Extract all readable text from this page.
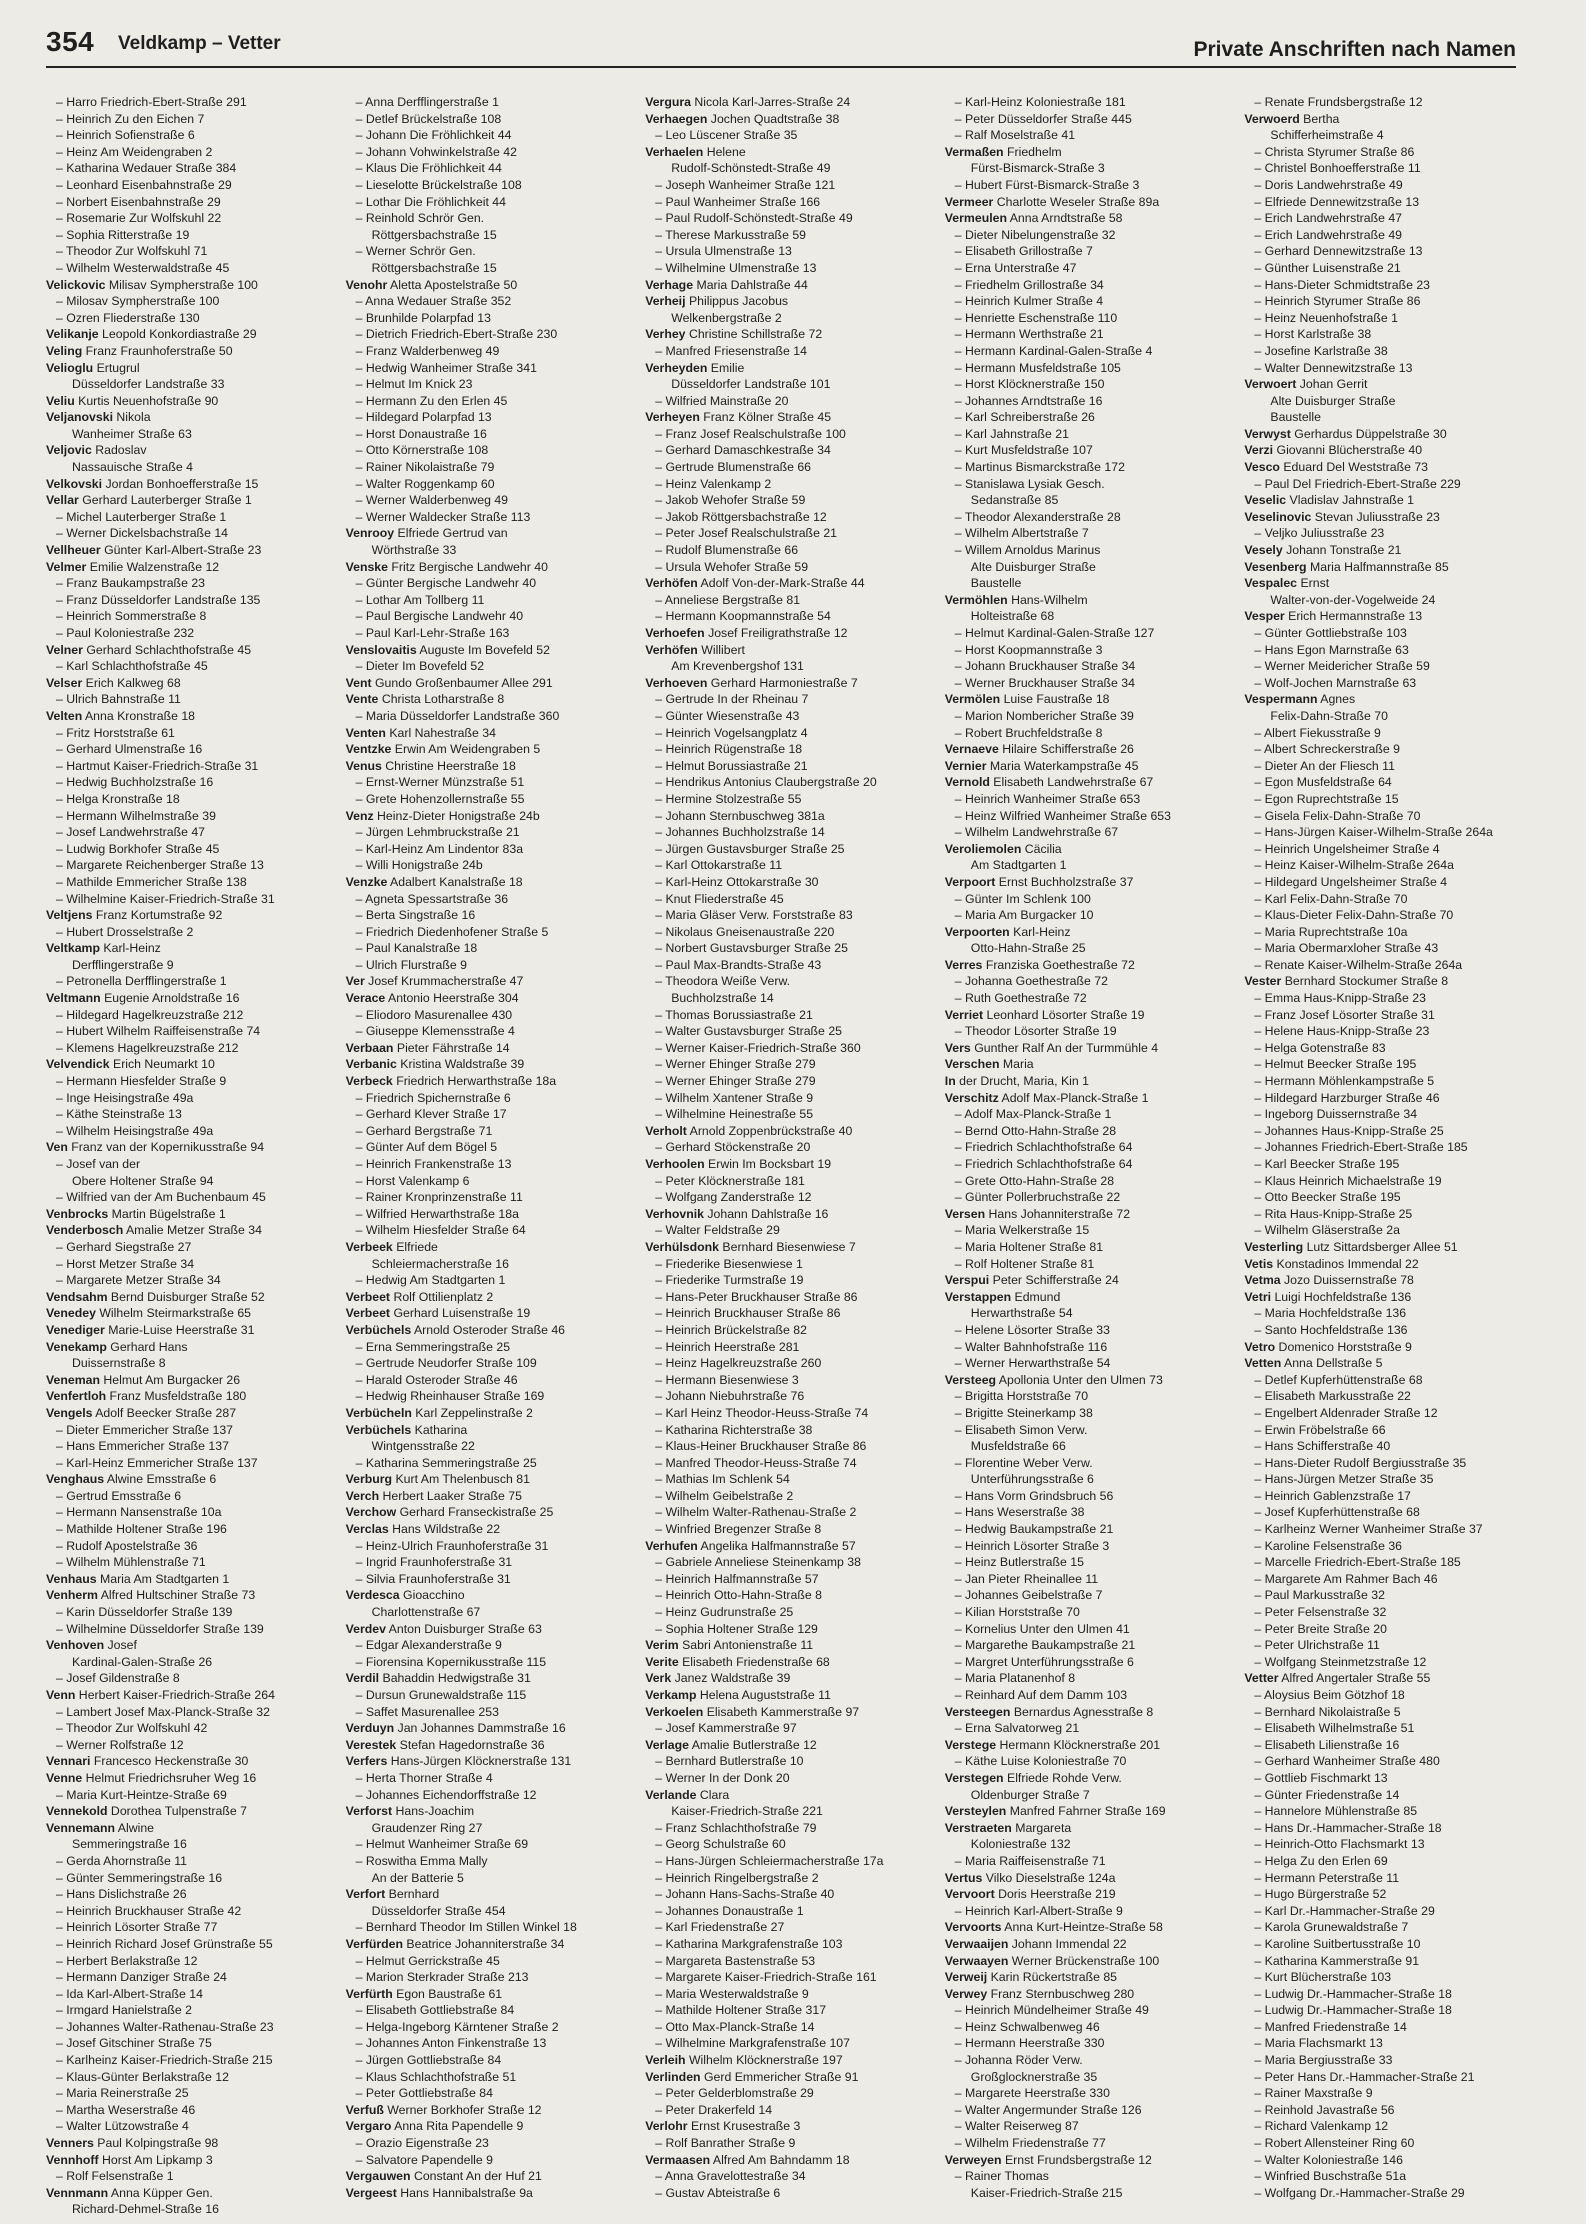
354 Veldkamp – Vetter	Private Anschriften nach Namen
– Harro Friedrich-Ebert-Straße 291
– Heinrich Zu den Eichen 7
– Heinrich Sofienstraße 6
– Heinz Am Weidengraben 2
– Katharina Wedauer Straße 384
– Leonhard Eisenbahnstraße 29
– Norbert Eisenbahnstraße 29
– Rosemarie Zur Wolfskuhl 22
– Sophia Ritterstraße 19
– Theodor Zur Wolfskuhl 71
– Wilhelm Westerwaldstraße 45
Velickovic Milisav Sympherstraße 100
– Milosav Sympherstraße 100
– Ozren Fliederstraße 130
Velikanje Leopold Konkordiastraße 29
Veling Franz Fraunhoferstraße 50
Velioglu Ertugrul
Düsseldorfer Landstraße 33
Veliu Kurtis Neuenhofstraße 90
Veljanovski Nikola
Wanheimer Straße 63
Veljovic Radoslav
Nassauische Straße 4
Velkovski Jordan Bonhoefferstraße 15
Vellar Gerhard Lauterberger Straße 1
– Michel Lauterberger Straße 1
– Werner Dickelsbachstraße 14
Vellheuer Günter Karl-Albert-Straße 23
Velmer Emilie Walzenstraße 12
– Franz Baukampstraße 23
– Franz Düsseldorfer Landstraße 135
– Heinrich Sommerstraße 8
– Paul Koloniestraße 232
Velner Gerhard Schlachthofstraße 45
– Karl Schlachthofstraße 45
Velser Erich Kalkweg 68
– Ulrich Bahnstraße 11
Velten Anna Kronstraße 18
– Fritz Horststraße 61
– Gerhard Ulmenstraße 16
– Hartmut Kaiser-Friedrich-Straße 31
– Hedwig Buchholzstraße 16
– Helga Kronstraße 18
– Hermann Wilhelmstraße 39
– Josef Landwehrstraße 47
– Ludwig Borkhofer Straße 45
– Margarete Reichenberger Straße 13
– Mathilde Emmericher Straße 138
– Wilhelmine Kaiser-Friedrich-Straße 31
Veltjens Franz Kortumstraße 92
– Hubert Drosselstraße 2
Veltkamp Karl-Heinz
Derfflingerstraße 9
– Petronella Derfflingerstraße 1
Veltmann Eugenie Arnoldstraße 16
– Hildegard Hagelkreuzstraße 212
– Hubert Wilhelm Raiffeisenstraße 74
– Klemens Hagelkreuzstraße 212
Velvendick Erich Neumarkt 10
– Hermann Hiesfelder Straße 9
– Inge Heisingstraße 49a
– Käthe Steinstraße 13
– Wilhelm Heisingstraße 49a
Ven Franz van der Kopernikusstraße 94
– Josef van der
Obere Holtener Straße 94
– Wilfried van der Am Buchenbaum 45
Venbrocks Martin Bügelstraße 1
Venderbosch Amalie Metzer Straße 34
– Gerhard Siegstraße 27
– Horst Metzer Straße 34
– Margarete Metzer Straße 34
Vendsahm Bernd Duisburger Straße 52
Venedey Wilhelm Steirmarkstraße 65
Venediger Marie-Luise Heerstraße 31
Venekamp Gerhard Hans
Duissernstraße 8
Veneman Helmut Am Burgacker 26
Venfertloh Franz Musfeldstraße 180
Vengels Adolf Beecker Straße 287
– Dieter Emmericher Straße 137
– Hans Emmericher Straße 137
– Karl-Heinz Emmericher Straße 137
Venghaus Alwine Emsstraße 6
– Gertrud Emsstraße 6
– Hermann Nansenstraße 10a
– Mathilde Holtener Straße 196
– Rudolf Apostelstraße 36
– Wilhelm Mühlenstraße 71
Venhaus Maria Am Stadtgarten 1
Venherm Alfred Hultschiner Straße 73
– Karin Düsseldorfer Straße 139
– Wilhelmine Düsseldorfer Straße 139
Venhoven Josef
Kardinal-Galen-Straße 26
– Josef Gildenstraße 8
Venn Herbert Kaiser-Friedrich-Straße 264
– Lambert Josef Max-Planck-Straße 32
– Theodor Zur Wolfskuhl 42
– Werner Rolfstraße 12
Vennari Francesco Heckenstraße 30
Venne Helmut Friedrichsruher Weg 16
– Maria Kurt-Heintze-Straße 69
Vennekold Dorothea Tulpenstraße 7
Vennemann Alwine
Semmeringstraße 16
– Gerda Ahornstraße 11
– Günter Semmeringstraße 16
– Hans Dislichstraße 26
– Heinrich Bruckhauser Straße 42
– Heinrich Lösorter Straße 77
– Heinrich Richard Josef Grünstraße 55
– Herbert Berlakstraße 12
– Hermann Danziger Straße 24
– Ida Karl-Albert-Straße 14
– Irmgard Hanielstraße 2
– Johannes Walter-Rathenau-Straße 23
– Josef Gitschiner Straße 75
– Karlheinz Kaiser-Friedrich-Straße 215
– Klaus-Günter Berlakstraße 12
– Maria Reinerstraße 25
– Martha Weserstraße 46
– Walter Lützowstraße 4
Venners Paul Kolpingstraße 98
Vennhoff Horst Am Lipkamp 3
– Rolf Felsenstraße 1
Vennmann Anna Küpper Gen.
Richard-Dehmel-Straße 16
– Anna Derfflingerstraße 1
– Detlef Brückelstraße 108
– Johann Die Fröhlichkeit 44
– Johann Vohwinkelstraße 42
– Klaus Die Fröhlichkeit 44
– Lieselotte Brückelstraße 108
– Lothar Die Fröhlichkeit 44
– Reinhold Schrör Gen.
Röttgersbachstraße 15
– Werner Schrör Gen.
Röttgersbachstraße 15
Venohr Aletta Apostelstraße 50
– Anna Wedauer Straße 352
– Brunhilde Polarpfad 13
– Dietrich Friedrich-Ebert-Straße 230
– Franz Walderbenweg 49
– Hedwig Wanheimer Straße 341
– Helmut Im Knick 23
– Hermann Zu den Erlen 45
– Hildegard Polarpfad 13
– Horst Donaustraße 16
– Otto Körnerstraße 108
– Rainer Nikolaistraße 79
– Walter Roggenkamp 60
– Werner Walderbenweg 49
– Werner Waldecker Straße 113
Venrooy Elfriede Gertrud van
Wörthstraße 33
Venske Fritz Bergische Landwehr 40
– Günter Bergische Landwehr 40
– Lothar Am Tollberg 11
– Paul Bergische Landwehr 40
– Paul Karl-Lehr-Straße 163
Venslovaitis Auguste Im Bovefeld 52
– Dieter Im Bovefeld 52
Vent Gundo Großenbaumer Allee 291
Vente Christa Lotharstraße 8
– Maria Düsseldorfer Landstraße 360
Venten Karl Nahestraße 34
Ventzke Erwin Am Weidengraben 5
Venus Christine Heerstraße 18
– Ernst-Werner Münzstraße 51
– Grete Hohenzollernstraße 55
Venz Heinz-Dieter Honigstraße 24b
– Jürgen Lehmbruckstraße 21
– Karl-Heinz Am Lindentor 83a
– Willi Honigstraße 24b
Venzke Adalbert Kanalstraße 18
– Agneta Spessartstraße 36
– Berta Singstraße 16
– Friedrich Diedenhofener Straße 5
– Paul Kanalstraße 18
– Ulrich Flurstraße 9
Ver Josef Krummacherstraße 47
Verace Antonio Heerstraße 304
– Eliodoro Masurenallee 430
– Giuseppe Klemensstraße 4
Verbaan Pieter Fährstraße 14
Verbanic Kristina Waldstraße 39
Verbeck Friedrich Herwarthstraße 18a
– Friedrich Spichernstraße 6
– Gerhard Klever Straße 17
– Gerhard Bergstraße 71
– Günter Auf dem Bögel 5
– Heinrich Frankenstraße 13
– Horst Valenkamp 6
– Rainer Kronprinzenstraße 11
– Wilfried Herwarthstraße 18a
– Wilhelm Hiesfelder Straße 64
Verbeek Elfriede
Schleiermacherstraße 16
– Hedwig Am Stadtgarten 1
Verbeet Rolf Ottilienplatz 2
Verbeet Gerhard Luisenstraße 19
Verbüchels Arnold Osteroder Straße 46
– Erna Semmeringstraße 25
– Gertrude Neudorfer Straße 109
– Harald Osteroder Straße 46
– Hedwig Rheinhauser Straße 169
Verbücheln Karl Zeppelinstraße 2
Verbüchels Katharina
Wintgensstraße 22
– Katharina Semmeringstraße 25
Verburg Kurt Am Thelenbusch 81
Verch Herbert Laaker Straße 75
Verchow Gerhard Franseckistraße 25
Verclas Hans Wildstraße 22
– Heinz-Ulrich Fraunhoferstraße 31
– Ingrid Fraunhoferstraße 31
– Silvia Fraunhoferstraße 31
Verdesca Gioacchino
Charlottenstraße 67
Verdev Anton Duisburger Straße 63
– Edgar Alexanderstraße 9
– Fiorensina Kopernikusstraße 115
Verdil Bahaddin Hedwigstraße 31
– Dursun Grunewaldstraße 115
– Saffet Masurenallee 253
Verduyn Jan Johannes Dammstraße 16
Verestek Stefan Hagedornstraße 36
Verfers Hans-Jürgen Klöcknerstraße 131
– Herta Thorner Straße 4
– Johannes Eichendorffstraße 12
Verforst Hans-Joachim
Graudenzer Ring 27
– Helmut Wanheimer Straße 69
– Roswitha Emma Mally
An der Batterie 5
Verfort Bernhard
Düsseldorfer Straße 454
– Bernhard Theodor Im Stillen Winkel 18
Verfürden Beatrice Johanniterstraße 34
– Helmut Gerrickstraße 45
– Marion Sterkrader Straße 213
Verfürth Egon Baustraße 61
– Elisabeth Gottliebstraße 84
– Helga-Ingeborg Kärntener Straße 2
– Johannes Anton Finkenstraße 13
– Jürgen Gottliebstraße 84
– Klaus Schlachthofstraße 51
– Peter Gottliebstraße 84
Verfuß Werner Borkhofer Straße 12
Vergaro Anna Rita Papendelle 9
– Orazio Eigenstraße 23
– Salvatore Papendelle 9
Vergauwen Constant An der Huf 21
Vergeest Hans Hannibalstraße 9a
Vergura Nicola Karl-Jarres-Straße 24
Verhaegen Jochen Quadtstraße 38
– Leo Lüscener Straße 35
Verhaelen Helene
Rudolf-Schönstedt-Straße 49
– Joseph Wanheimer Straße 121
– Paul Wanheimer Straße 166
– Paul Rudolf-Schönstedt-Straße 49
– Therese Markusstraße 59
– Ursula Ulmenstraße 13
– Wilhelmine Ulmenstraße 13
Verhage Maria Dahlstraße 44
Verheij Philippus Jacobus
Welkenbergstraße 2
Verhey Christine Schillstraße 72
– Manfred Friesenstraße 14
Verheyden Emilie
Düsseldorfer Landstraße 101
– Wilfried Mainstraße 20
Verheyen Franz Kölner Straße 45
– Franz Josef Realschulstraße 100
– Gerhard Damaschkestraße 34
– Gertrude Blumenstraße 66
– Heinz Valenkamp 2
– Jakob Wehofer Straße 59
– Jakob Röttgersbachstraße 12
– Peter Josef Realschulstraße 21
– Rudolf Blumenstraße 66
– Ursula Wehofer Straße 59
Verhöfen Adolf Von-der-Mark-Straße 44
– Anneliese Bergstraße 81
– Hermann Koopmannstraße 54
Verhoefen Josef Freiligrathstraße 12
Verhöfen Willibert
Am Krevenbergshof 131
Verhoeven Gerhard Harmoniestraße 7
– Gertrude In der Rheinau 7
– Günter Wiesenstraße 43
– Heinrich Vogelsangplatz 4
– Heinrich Rügenstraße 18
– Helmut Borussiastraße 21
– Hendrikus Antonius Claubergstraße 20
– Hermine Stolzestraße 55
– Johann Sternbuschweg 381a
– Johannes Buchholzstraße 14
– Jürgen Gustavsburger Straße 25
– Karl Ottokarstraße 11
– Karl-Heinz Ottokarstraße 30
– Knut Fliederstraße 45
– Maria Gläser Verw. Forststraße 83
– Nikolaus Gneisenaustraße 220
– Norbert Gustavsburger Straße 25
– Paul Max-Brandts-Straße 43
– Theodora Weiße Verw.
Buchholzstraße 14
– Thomas Borussiastraße 21
– Walter Gustavsburger Straße 25
– Werner Kaiser-Friedrich-Straße 360
– Werner Ehinger Straße 279
– Werner Ehinger Straße 279
– Wilhelm Xantener Straße 9
– Wilhelmine Heinestraße 55
Verholt Arnold Zoppenbrückstraße 40
– Gerhard Stöckenstraße 20
Verhoolen Erwin Im Bocksbart 19
– Peter Klöcknerstraße 181
– Wolfgang Zanderstraße 12
Verhovnik Johann Dahlstraße 16
– Walter Feldstraße 29
Verhülsdonk Bernhard Biesenwiese 7
– Friederike Biesenwiese 1
– Friederike Turmstraße 19
– Hans-Peter Bruckhauser Straße 86
– Heinrich Bruckhauser Straße 86
– Heinrich Brückelstraße 82
– Heinrich Heerstraße 281
– Heinz Hagelkreuzstraße 260
– Hermann Biesenwiese 3
– Johann Niebuhrstraße 76
– Karl Heinz Theodor-Heuss-Straße 74
– Katharina Richterstraße 38
– Klaus-Heiner Bruckhauser Straße 86
– Manfred Theodor-Heuss-Straße 74
– Mathias Im Schlenk 54
– Wilhelm Geibelstraße 2
– Wilhelm Walter-Rathenau-Straße 2
– Winfried Bregenzer Straße 8
Verhufen Angelika Halfmannstraße 57
– Gabriele Anneliese Steinenkamp 38
– Heinrich Halfmannstraße 57
– Heinrich Otto-Hahn-Straße 8
– Heinz Gudrunstraße 25
– Sophia Holtener Straße 129
Verim Sabri Antonienstraße 11
Verite Elisabeth Friedenstraße 68
Verk Janez Waldstraße 39
Verkamp Helena Auguststraße 11
Verkoelen Elisabeth Kammerstraße 97
– Josef Kammerstraße 97
Verlage Amalie Butlerstraße 12
– Bernhard Butlerstraße 10
– Werner In der Donk 20
Verlande Clara
Kaiser-Friedrich-Straße 221
– Franz Schlachthofstraße 79
– Georg Schulstraße 60
– Hans-Jürgen Schleiermacherstraße 17a
– Heinrich Ringelbergstraße 2
– Johann Hans-Sachs-Straße 40
– Johannes Donaustraße 1
– Karl Friedenstraße 27
– Katharina Markgrafenstraße 103
– Margareta Bastenstraße 53
– Margarete Kaiser-Friedrich-Straße 161
– Maria Westerwaldstraße 9
– Mathilde Holtener Straße 317
– Otto Max-Planck-Straße 14
– Wilhelmine Markgrafenstraße 107
Verleih Wilhelm Klöcknerstraße 197
Verlinden Gerd Emmericher Straße 91
– Peter Gelderblomstraße 29
– Peter Drakerfeld 14
Verlohr Ernst Krusestraße 3
– Rolf Banrather Straße 9
Vermaasen Alfred Am Bahndamm 18
– Anna Gravelottestraße 34
– Gustav Abteistraße 6
– Karl-Heinz Koloniestraße 181
– Peter Düsseldorfer Straße 445
– Ralf Moselstraße 41
Vermaßen Friedhelm
Fürst-Bismarck-Straße 3
– Hubert Fürst-Bismarck-Straße 3
Vermeer Charlotte Weseler Straße 89a
Vermeulen Anna Arndtstraße 58
– Dieter Nibelungenstraße 32
– Elisabeth Grillostraße 7
– Erna Unterstraße 47
– Friedhelm Grillostraße 34
– Heinrich Kulmer Straße 4
– Henriette Eschenstraße 110
– Hermann Werthstraße 21
– Hermann Kardinal-Galen-Straße 4
– Hermann Musfeldstraße 105
– Horst Klöcknerstraße 150
– Johannes Arndtstraße 16
– Karl Schreiberstraße 26
– Karl Jahnstraße 21
– Kurt Musfeldstraße 107
– Martinus Bismarckstraße 172
– Stanislawa Lysiak Gesch.
Sedanstraße 85
– Theodor Alexanderstraße 28
– Wilhelm Albertstraße 7
– Willem Arnoldus Marinus
Alte Duisburger Straße
Baustelle
Vermöhlen Hans-Wilhelm
Holteistraße 68
– Helmut Kardinal-Galen-Straße 127
– Horst Koopmannstraße 3
– Johann Bruckhauser Straße 34
– Werner Bruckhauser Straße 34
Vermölen Luise Faustraße 18
– Marion Nombericher Straße 39
– Robert Bruchfeldstraße 8
Vernaeve Hilaire Schifferstraße 26
Vernier Maria Waterkampstraße 45
Vernold Elisabeth Landwehrstraße 67
– Heinrich Wanheimer Straße 653
– Heinz Wilfried Wanheimer Straße 653
– Wilhelm Landwehrstraße 67
Veroliemolen Cäcilia
Am Stadtgarten 1
Verpoort Ernst Buchholzstraße 37
– Günter Im Schlenk 100
– Maria Am Burgacker 10
Verpoorten Karl-Heinz
Otto-Hahn-Straße 25
Verres Franziska Goethestraße 72
– Johanna Goethestraße 72
– Ruth Goethestraße 72
Verriet Leonhard Lösorter Straße 19
– Theodor Lösorter Straße 19
Vers Gunther Ralf An der Turmmühle 4
Verschen Maria
In der Drucht, Maria, Kin 1
Verschitz Adolf Max-Planck-Straße 1
– Adolf Max-Planck-Straße 1
– Bernd Otto-Hahn-Straße 28
– Friedrich Schlachthofstraße 64
– Friedrich Schlachthofstraße 64
– Grete Otto-Hahn-Straße 28
– Günter Pollerbruchstraße 22
Versen Hans Johanniterstraße 72
– Maria Welkerstraße 15
– Maria Holtener Straße 81
– Rolf Holtener Straße 81
Verspui Peter Schifferstraße 24
Verstappen Edmund
Herwarthstraße 54
– Helene Lösorter Straße 33
– Walter Bahnhofstraße 116
– Werner Herwarthstraße 54
Versteeg Apollonia Unter den Ulmen 73
– Brigitta Horststraße 70
– Brigitte Steinerkamp 38
– Elisabeth Simon Verw.
Musfeldstraße 66
– Florentine Weber Verw.
Unterführungsstraße 6
– Hans Vorm Grindsbruch 56
– Hans Weserstraße 38
– Hedwig Baukampstraße 21
– Heinrich Lösorter Straße 3
– Heinz Butlerstraße 15
– Jan Pieter Rheinallee 11
– Johannes Geibelstraße 7
– Kilian Horststraße 70
– Kornelius Unter den Ulmen 41
– Margarethe Baukampstraße 21
– Margret Unterführungsstraße 6
– Maria Platanenhof 8
– Reinhard Auf dem Damm 103
Versteegen Bernardus Agnesstraße 8
– Erna Salvatorweg 21
Verstege Hermann Klöcknerstraße 201
– Käthe Luise Koloniestraße 70
Verstegen Elfriede Rohde Verw.
Oldenburger Straße 7
Versteylen Manfred Fahrner Straße 169
Verstraeten Margareta
Koloniestraße 132
– Maria Raiffeisenstraße 71
Vertus Vilko Dieselstraße 124a
Vervoort Doris Heerstraße 219
– Heinrich Karl-Albert-Straße 9
Vervoorts Anna Kurt-Heintze-Straße 58
Verwaaijen Johann Immendal 22
Verwaayen Werner Brückenstraße 100
Verweij Karin Rückertstraße 85
Verwey Franz Sternbuschweg 280
– Heinrich Mündelheimer Straße 49
– Heinz Schwalbenweg 46
– Hermann Heerstraße 330
– Johanna Röder Verw.
Großglocknerstraße 35
– Margarete Heerstraße 330
– Walter Angermunder Straße 126
– Walter Reiserweg 87
– Wilhelm Friedenstraße 77
Verweyen Ernst Frundsbergstraße 12
– Rainer Thomas
Kaiser-Friedrich-Straße 215
– Renate Frundsbergstraße 12
Verwoerd Bertha
Schifferheimstraße 4
– Christa Styrumer Straße 86
– Christel Bonhoefferstraße 11
– Doris Landwehrstraße 49
– Elfriede Dennewitzstraße 13
– Erich Landwehrstraße 47
– Erich Landwehrstraße 49
– Gerhard Dennewitzstraße 13
– Günther Luisenstraße 21
– Hans-Dieter Schmidtstraße 23
– Heinrich Styrumer Straße 86
– Heinz Neuenhofstraße 1
– Horst Karlstraße 38
– Josefine Karlstraße 38
– Walter Dennewitzstraße 13
Verwoert Johan Gerrit
Alte Duisburger Straße
Baustelle
Verwyst Gerhardus Düppelstraße 30
Verzi Giovanni Blücherstraße 40
Vesco Eduard Del Weststraße 73
– Paul Del Friedrich-Ebert-Straße 229
Veselic Vladislav Jahnstraße 1
Veselinovic Stevan Juliusstraße 23
– Veljko Juliusstraße 23
Vesely Johann Tonstraße 21
Vesenberg Maria Halfmannstraße 85
Vespalec Ernst
Walter-von-der-Vogelweide 24
Vesper Erich Hermannstraße 13
– Günter Gottliebstraße 103
– Hans Egon Marnstraße 63
– Werner Meidericher Straße 59
– Wolf-Jochen Marnstraße 63
Vespermann Agnes
Felix-Dahn-Straße 70
– Albert Fiekusstraße 9
– Albert Schreckerstraße 9
– Dieter An der Fliesch 11
– Egon Musfeldstraße 64
– Egon Ruprechtstraße 15
– Gisela Felix-Dahn-Straße 70
– Hans-Jürgen Kaiser-Wilhelm-Straße 264a
– Heinrich Ungelsheimer Straße 4
– Heinz Kaiser-Wilhelm-Straße 264a
– Hildegard Ungelsheimer Straße 4
– Karl Felix-Dahn-Straße 70
– Klaus-Dieter Felix-Dahn-Straße 70
– Maria Ruprechtstraße 10a
– Maria Obermarxloher Straße 43
– Renate Kaiser-Wilhelm-Straße 264a
Vester Bernhard Stockumer Straße 8
– Emma Haus-Knipp-Straße 23
– Franz Josef Lösorter Straße 31
– Helene Haus-Knipp-Straße 23
– Helga Gotenstraße 83
– Helmut Beecker Straße 195
– Hermann Möhlenkampstraße 5
– Hildegard Harzburger Straße 46
– Ingeborg Duissernstraße 34
– Johannes Haus-Knipp-Straße 25
– Johannes Friedrich-Ebert-Straße 185
– Karl Beecker Straße 195
– Klaus Heinrich Michaelstraße 19
– Otto Beecker Straße 195
– Rita Haus-Knipp-Straße 25
– Wilhelm Gläserstraße 2a
Vesterling Lutz Sittardsberger Allee 51
Vetis Konstadinos Immendal 22
Vetma Jozo Duissernstraße 78
Vetri Luigi Hochfeldstraße 136
– Maria Hochfeldstraße 136
– Santo Hochfeldstraße 136
Vetro Domenico Horststraße 9
Vetten Anna Dellstraße 5
– Detlef Kupferhüttenstraße 68
– Elisabeth Markusstraße 22
– Engelbert Aldenrader Straße 12
– Erwin Fröbelstraße 66
– Hans Schifferstraße 40
– Hans-Dieter Rudolf Bergiusstraße 35
– Hans-Jürgen Metzer Straße 35
– Heinrich Gablenzstraße 17
– Josef Kupferhüttenstraße 68
– Karlheinz Werner Wanheimer Straße 37
– Karoline Felsenstraße 36
– Marcelle Friedrich-Ebert-Straße 185
– Margarete Am Rahmer Bach 46
– Paul Markusstraße 32
– Peter Felsenstraße 32
– Peter Breite Straße 20
– Peter Ulrichstraße 11
– Wolfgang Steinmetzstraße 12
Vetter Alfred Angertaler Straße 55
– Aloysius Beim Götzhof 18
– Bernhard Nikolaistraße 5
– Elisabeth Wilhelmstraße 51
– Elisabeth Lilienstraße 16
– Gerhard Wanheimer Straße 480
– Gottlieb Fischmarkt 13
– Günter Friedenstraße 14
– Hannelore Mühlenstraße 85
– Hans Dr.-Hammacher-Straße 18
– Heinrich-Otto Flachsmarkt 13
– Helga Zu den Erlen 69
– Hermann Peterstraße 11
– Hugo Bürgerstraße 52
– Karl Dr.-Hammacher-Straße 29
– Karola Grunewaldstraße 7
– Karoline Suitbertusstraße 10
– Katharina Kammerstraße 91
– Kurt Blücherstraße 103
– Ludwig Dr.-Hammacher-Straße 18
– Ludwig Dr.-Hammacher-Straße 18
– Manfred Friedenstraße 14
– Maria Flachsmarkt 13
– Maria Bergiusstraße 33
– Peter Hans Dr.-Hammacher-Straße 21
– Rainer Maxstraße 9
– Reinhold Javastraße 56
– Richard Valenkamp 12
– Robert Allensteiner Ring 60
– Walter Koloniestraße 146
– Winfried Buschstraße 51a
– Wolfgang Dr.-Hammacher-Straße 29
